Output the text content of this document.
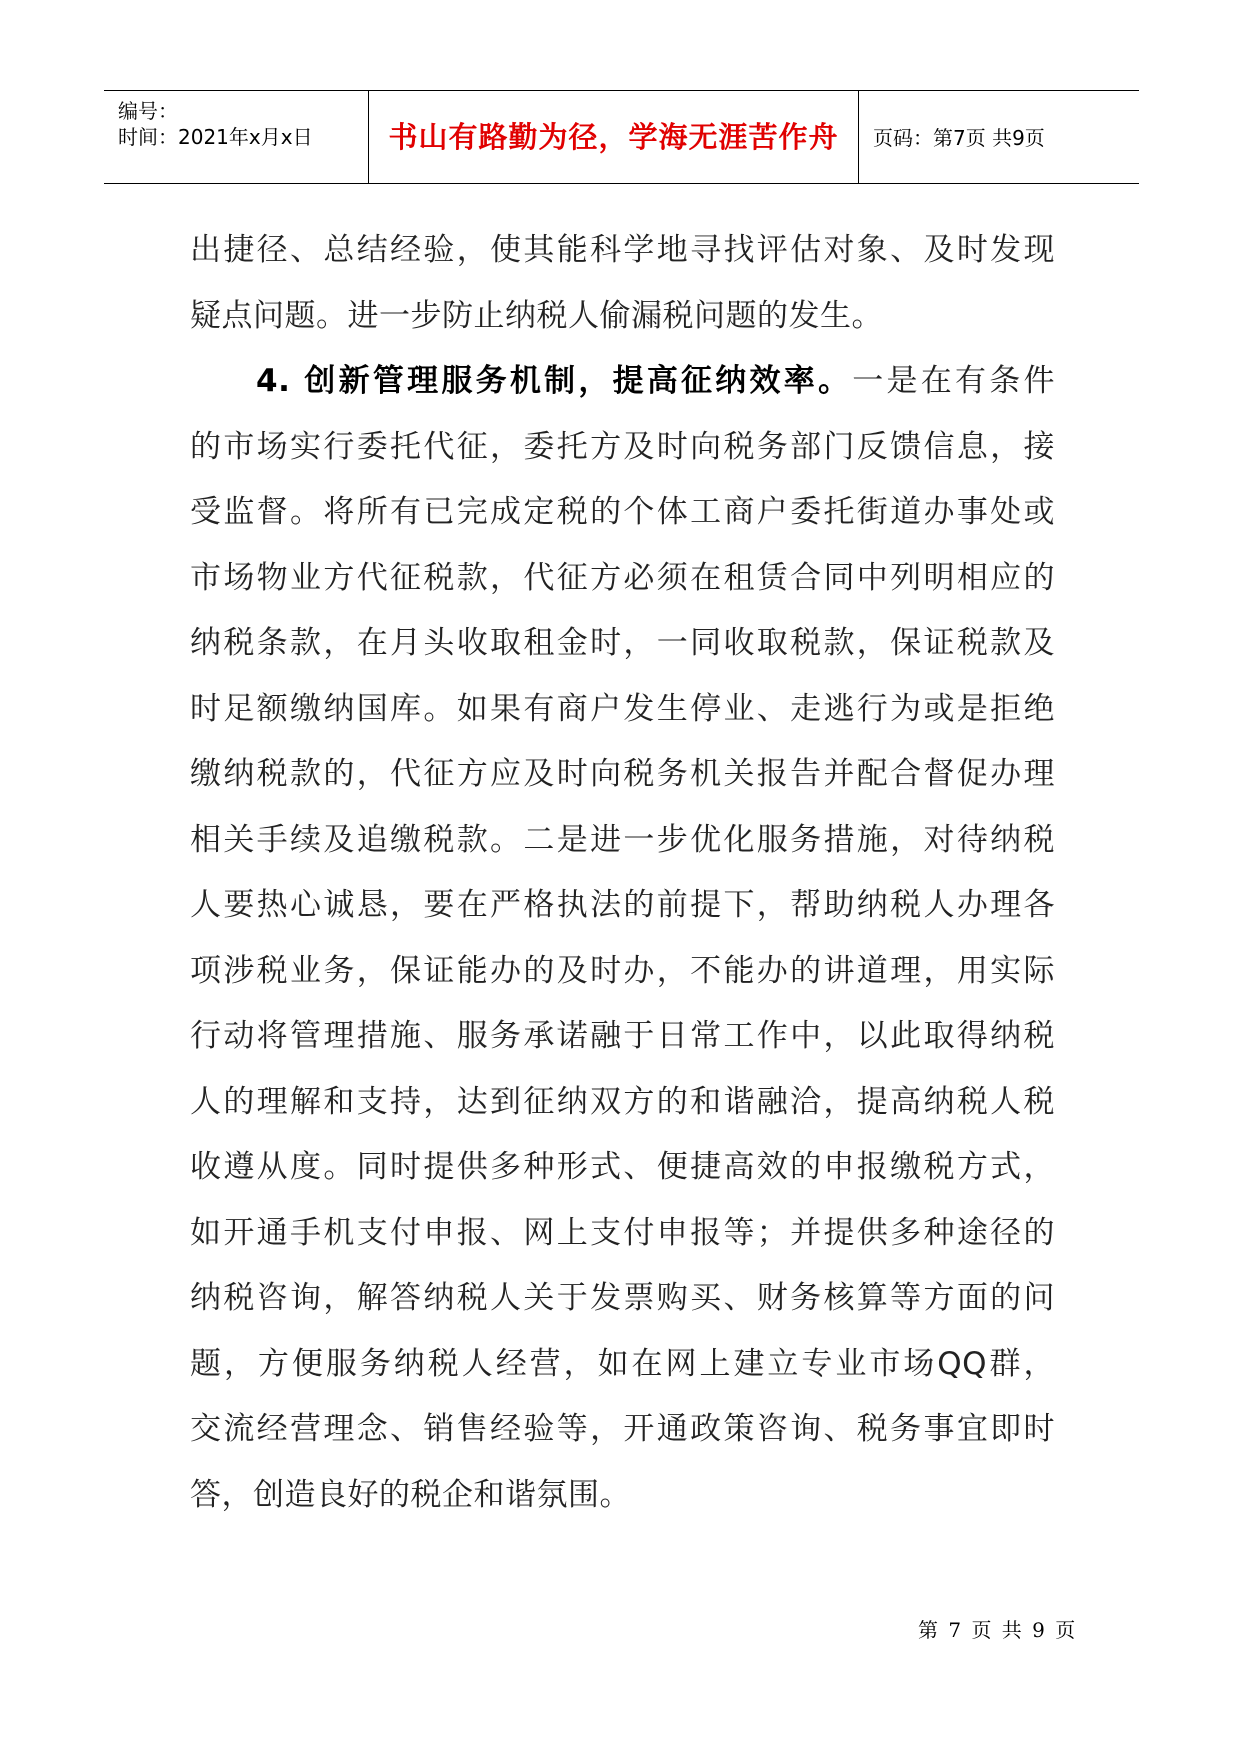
编号：
时间：2021年x月x日	书山有路勤为径，学海无涯苦作舟	页码：第7页 共9页
出捷径、总结经验，使其能科学地寻找评估对象、及时发现
疑点问题。进一步防止纳税人偷漏税问题的发生。
4. 创新管理服务机制，提高征纳效率。一是在有条件
的市场实行委托代征，委托方及时向税务部门反馈信息，接
受监督。将所有已完成定税的个体工商户委托街道办事处或
市场物业方代征税款，代征方必须在租赁合同中列明相应的
纳税条款，在月头收取租金时，一同收取税款，保证税款及
时足额缴纳国库。如果有商户发生停业、走逃行为或是拒绝
缴纳税款的，代征方应及时向税务机关报告并配合督促办理
相关手续及追缴税款。二是进一步优化服务措施，对待纳税
人要热心诚恳，要在严格执法的前提下，帮助纳税人办理各
项涉税业务，保证能办的及时办，不能办的讲道理，用实际
行动将管理措施、服务承诺融于日常工作中，以此取得纳税
人的理解和支持，达到征纳双方的和谐融洽，提高纳税人税
收遵从度。同时提供多种形式、便捷高效的申报缴税方式，
如开通手机支付申报、网上支付申报等；并提供多种途径的
纳税咨询，解答纳税人关于发票购买、财务核算等方面的问
题，方便服务纳税人经营，如在网上建立专业市场QQ群，
交流经营理念、销售经验等，开通政策咨询、税务事宜即时
答，创造良好的税企和谐氛围。
第 7 页 共 9 页
